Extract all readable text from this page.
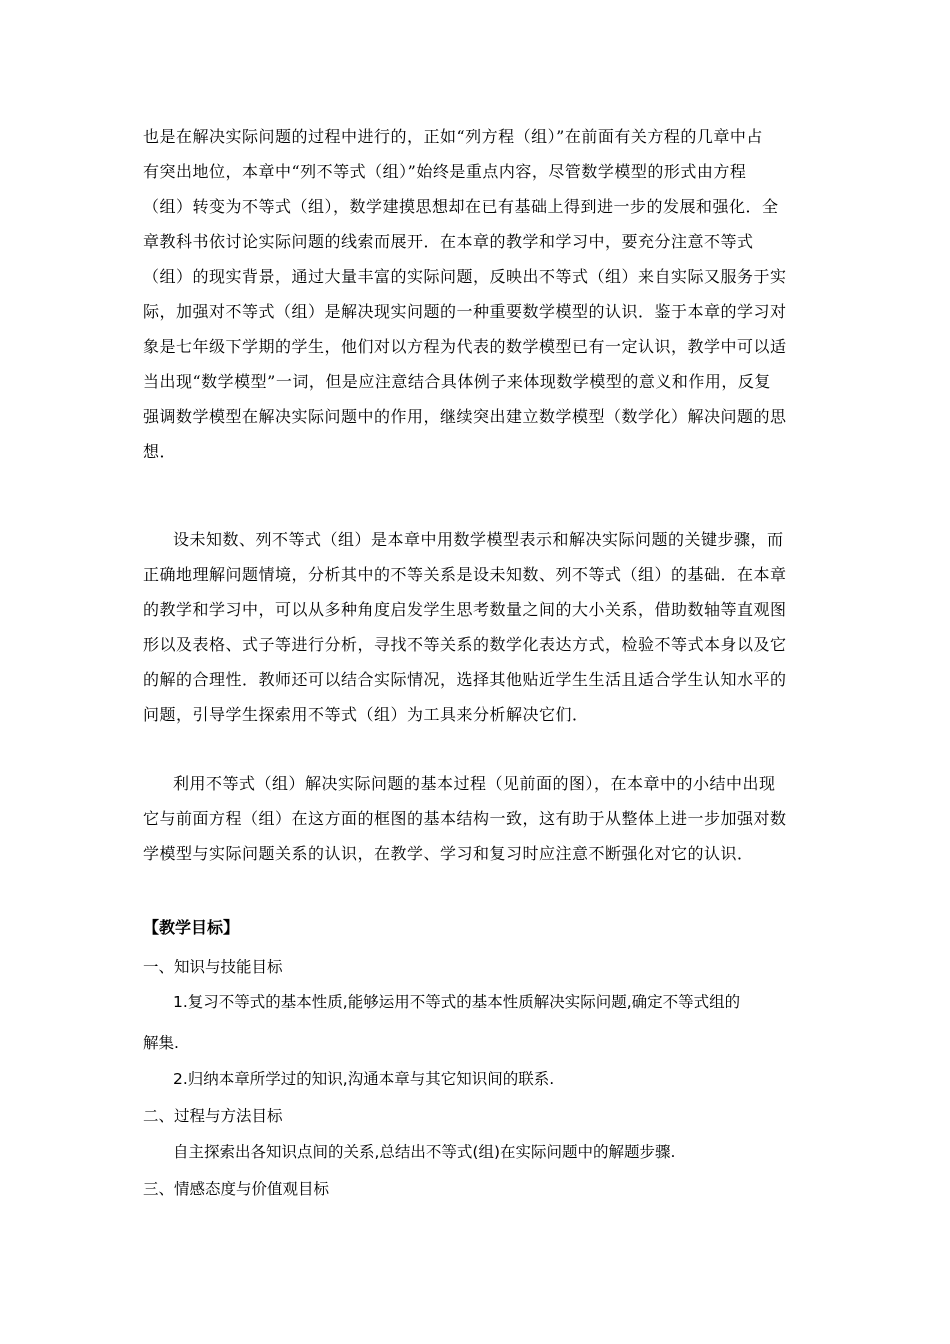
也是在解决实际问题的过程中进行的，正如“列方程（组）”在前面有关方程的几章中占
有突出地位，本章中“列不等式（组）”始终是重点内容，尽管数学模型的形式由方程
（组）转变为不等式（组），数学建摸思想却在已有基础上得到进一步的发展和强化．全
章教科书依讨论实际问题的线索而展开．在本章的教学和学习中，要充分注意不等式
（组）的现实背景，通过大量丰富的实际问题，反映出不等式（组）来自实际又服务于实
际，加强对不等式（组）是解决现实问题的一种重要数学模型的认识．鉴于本章的学习对
象是七年级下学期的学生，他们对以方程为代表的数学模型已有一定认识，教学中可以适
当出现“数学模型”一词，但是应注意结合具体例子来体现数学模型的意义和作用，反复
强调数学模型在解决实际问题中的作用，继续突出建立数学模型（数学化）解决问题的思
想．
设未知数、列不等式（组）是本章中用数学模型表示和解决实际问题的关键步骤，而
正确地理解问题情境，分析其中的不等关系是设未知数、列不等式（组）的基础．在本章
的教学和学习中，可以从多种角度启发学生思考数量之间的大小关系，借助数轴等直观图
形以及表格、式子等进行分析，寻找不等关系的数学化表达方式，检验不等式本身以及它
的解的合理性．教师还可以结合实际情况，选择其他贴近学生生活且适合学生认知水平的
问题，引导学生探索用不等式（组）为工具来分析解决它们．
利用不等式（组）解决实际问题的基本过程（见前面的图），在本章中的小结中出现
它与前面方程（组）在这方面的框图的基本结构一致，这有助于从整体上进一步加强对数
学模型与实际问题关系的认识，在教学、学习和复习时应注意不断强化对它的认识．
【教学目标】
一、知识与技能目标
1.复习不等式的基本性质,能够运用不等式的基本性质解决实际问题,确定不等式组的
解集.
2.归纳本章所学过的知识,沟通本章与其它知识间的联系.
二、过程与方法目标
自主探索出各知识点间的关系,总结出不等式(组)在实际问题中的解题步骤.
三、情感态度与价值观目标
